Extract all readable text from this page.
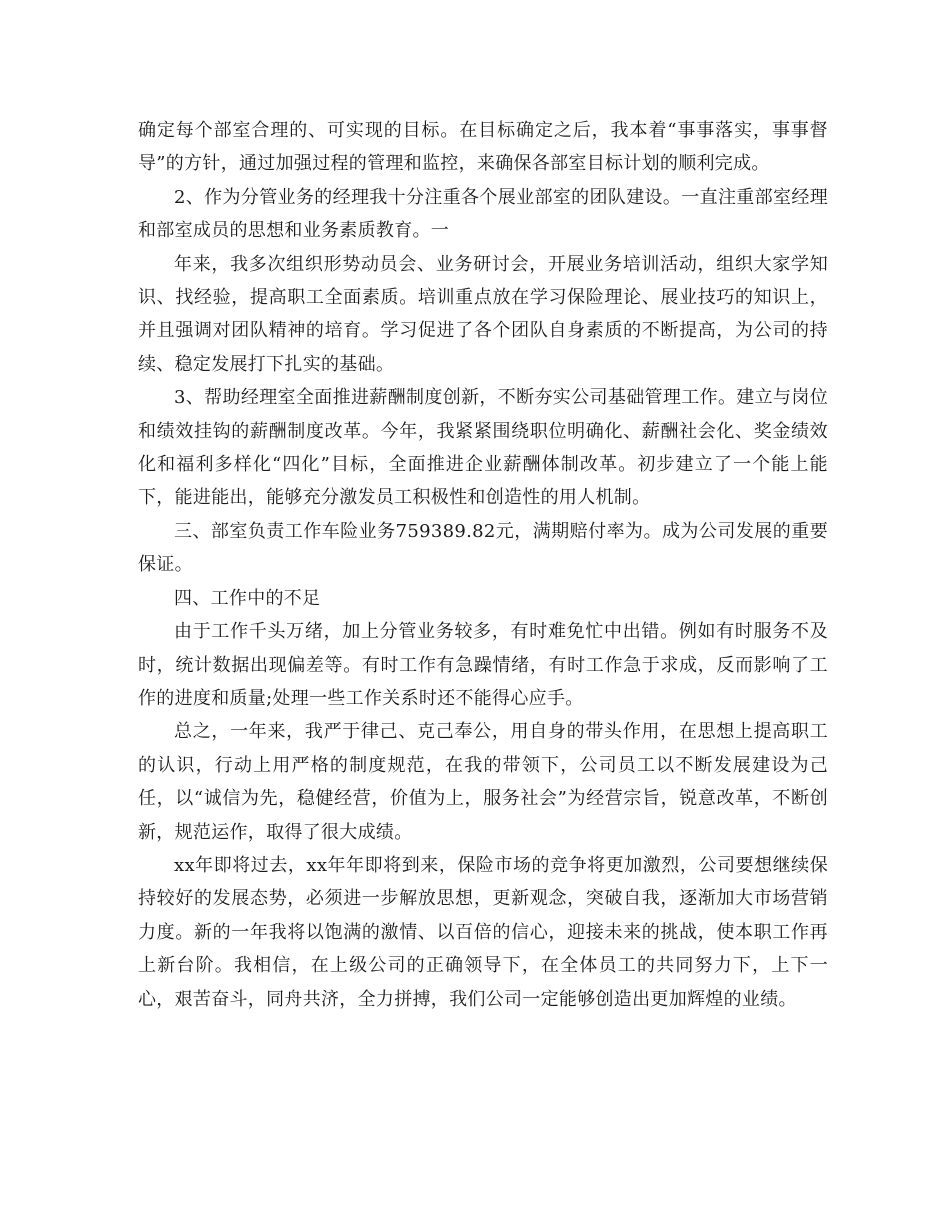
确定每个部室合理的、可实现的目标。在目标确定之后，我本着“事事落实，事事督导”的方针，通过加强过程的管理和监控，来确保各部室目标计划的顺利完成。

2、作为分管业务的经理我十分注重各个展业部室的团队建设。一直注重部室经理和部室成员的思想和业务素质教育。一

年来，我多次组织形势动员会、业务研讨会，开展业务培训活动，组织大家学知识、找经验，提高职工全面素质。培训重点放在学习保险理论、展业技巧的知识上，并且强调对团队精神的培育。学习促进了各个团队自身素质的不断提高，为公司的持续、稳定发展打下扎实的基础。

3、帮助经理室全面推进薪酬制度创新，不断夯实公司基础管理工作。建立与岗位和绩效挂钩的薪酬制度改革。今年，我紧紧围绕职位明确化、薪酬社会化、奖金绩效化和福利多样化“四化”目标，全面推进企业薪酬体制改革。初步建立了一个能上能下，能进能出，能够充分激发员工积极性和创造性的用人机制。

三、部室负责工作车险业务759389.82元，满期赔付率为。成为公司发展的重要保证。

四、工作中的不足

由于工作千头万绪，加上分管业务较多，有时难免忙中出错。例如有时服务不及时，统计数据出现偏差等。有时工作有急躁情绪，有时工作急于求成，反而影响了工作的进度和质量;处理一些工作关系时还不能得心应手。

总之，一年来，我严于律己、克己奉公，用自身的带头作用，在思想上提高职工的认识，行动上用严格的制度规范，在我的带领下，公司员工以不断发展建设为己任，以“诚信为先，稳健经营，价值为上，服务社会”为经营宗旨，锐意改革，不断创新，规范运作，取得了很大成绩。

xx年即将过去，xx年年即将到来，保险市场的竞争将更加激烈，公司要想继续保持较好的发展态势，必须进一步解放思想，更新观念，突破自我，逐渐加大市场营销力度。新的一年我将以饱满的激情、以百倍的信心，迎接未来的挑战，使本职工作再上新台阶。我相信，在上级公司的正确领导下，在全体员工的共同努力下，上下一心，艰苦奋斗，同舟共济，全力拼搏，我们公司一定能够创造出更加辉煌的业绩。
